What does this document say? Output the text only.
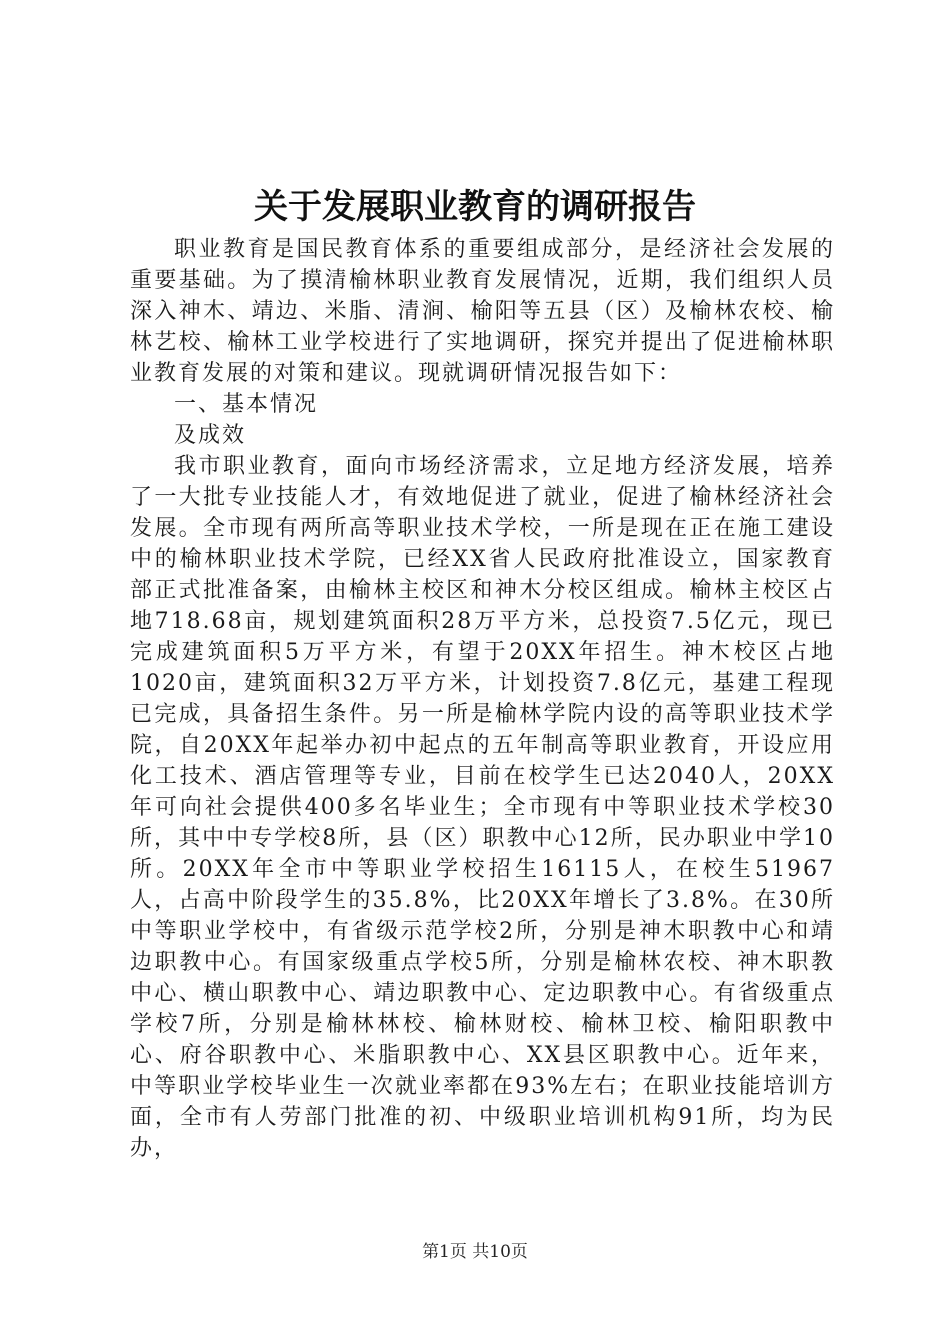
关于发展职业教育的调研报告

职业教育是国民教育体系的重要组成部分，是经济社会发展的重要基础。为了摸清榆林职业教育发展情况，近期，我们组织人员深入神木、靖边、米脂、清涧、榆阳等五县（区）及榆林农校、榆林艺校、榆林工业学校进行了实地调研，探究并提出了促进榆林职业教育发展的对策和建议。现就调研情况报告如下：

一、基本情况

及成效

我市职业教育，面向市场经济需求，立足地方经济发展，培养了一大批专业技能人才，有效地促进了就业，促进了榆林经济社会发展。全市现有两所高等职业技术学校，一所是现在正在施工建设中的榆林职业技术学院，已经XX省人民政府批准设立，国家教育部正式批准备案，由榆林主校区和神木分校区组成。榆林主校区占地718.68亩，规划建筑面积28万平方米，总投资7.5亿元，现已完成建筑面积5万平方米，有望于20XX年招生。神木校区占地1020亩，建筑面积32万平方米，计划投资7.8亿元，基建工程现已完成，具备招生条件。另一所是榆林学院内设的高等职业技术学院，自20XX年起举办初中起点的五年制高等职业教育，开设应用化工技术、酒店管理等专业，目前在校学生已达2040人，20XX年可向社会提供400多名毕业生；全市现有中等职业技术学校30所，其中中专学校8所，县（区）职教中心12所，民办职业中学10所。20XX年全市中等职业学校招生16115人，在校生51967人，占高中阶段学生的35.8%，比20XX年增长了3.8%。在30所中等职业学校中，有省级示范学校2所，分别是神木职教中心和靖边职教中心。有国家级重点学校5所，分别是榆林农校、神木职教中心、横山职教中心、靖边职教中心、定边职教中心。有省级重点学校7所，分别是榆林林校、榆林财校、榆林卫校、榆阳职教中心、府谷职教中心、米脂职教中心、XX县区职教中心。近年来，中等职业学校毕业生一次就业率都在93%左右；在职业技能培训方面，全市有人劳部门批准的初、中级职业培训机构91所，均为民办，

第1页 共10页
